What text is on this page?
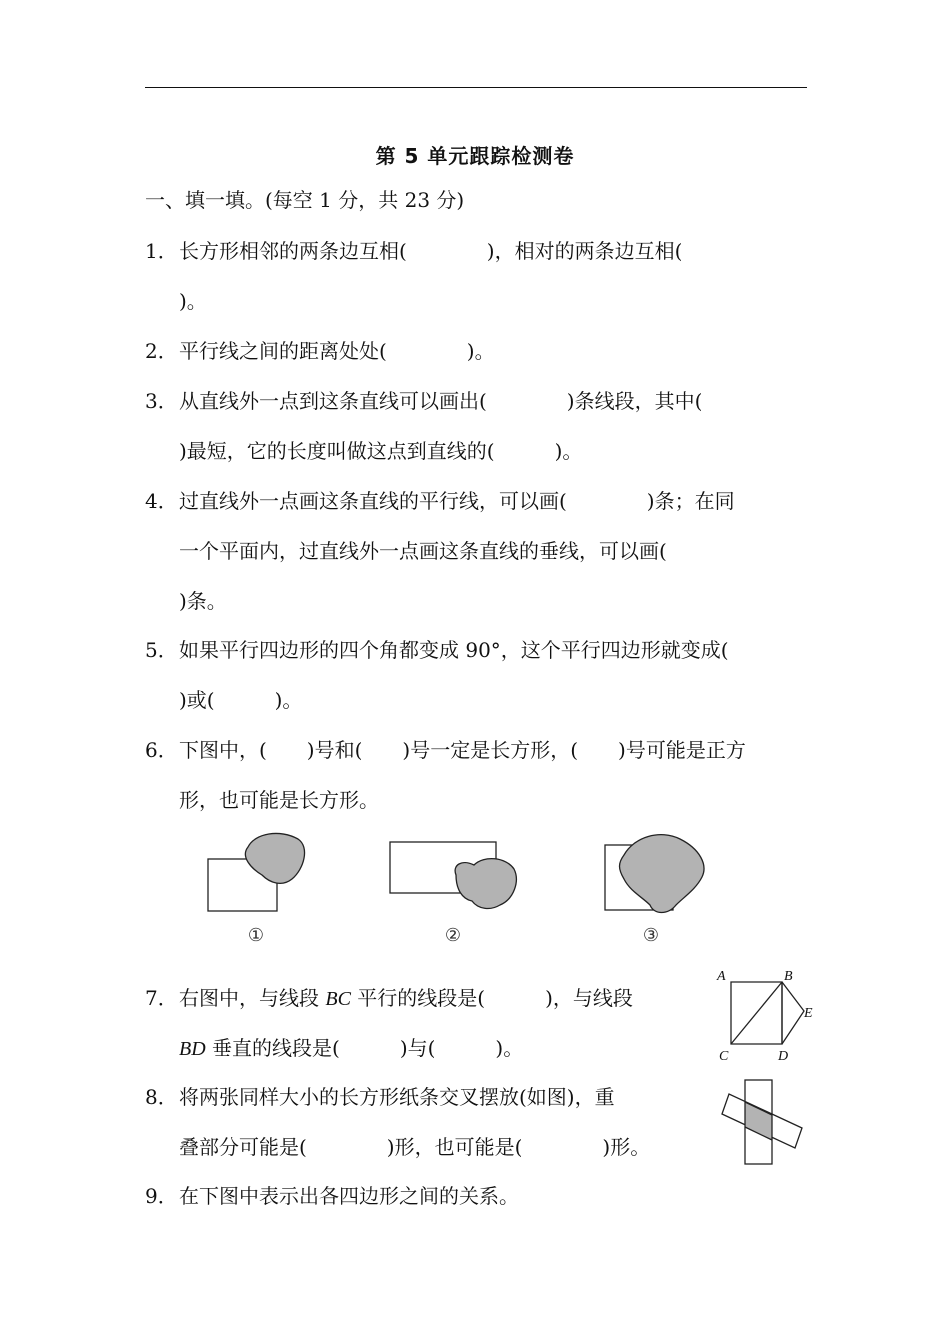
第 5 单元跟踪检测卷
一、填一填。(每空 1 分，共 23 分)
1．长方形相邻的两条边互相(　　　　)，相对的两条边互相(
)。
2．平行线之间的距离处处(　　　　)。
3．从直线外一点到这条直线可以画出(　　　　)条线段，其中(
)最短，它的长度叫做这点到直线的(　　　)。
4．过直线外一点画这条直线的平行线，可以画(　　　　)条；在同
一个平面内，过直线外一点画这条直线的垂线，可以画(
)条。
5．如果平行四边形的四个角都变成 90°，这个平行四边形就变成(
)或(　　　)。
6．下图中，(　　)号和(　　)号一定是长方形，(　　)号可能是正方
形，也可能是长方形。
①	②	③
7．右图中，与线段 BC 平行的线段是(　　　)，与线段
BD 垂直的线段是(　　　)与(　　　)。
A	B
C	D
E
8．将两张同样大小的长方形纸条交叉摆放(如图)，重
叠部分可能是(　　　　)形，也可能是(　　　　)形。
9．在下图中表示出各四边形之间的关系。
